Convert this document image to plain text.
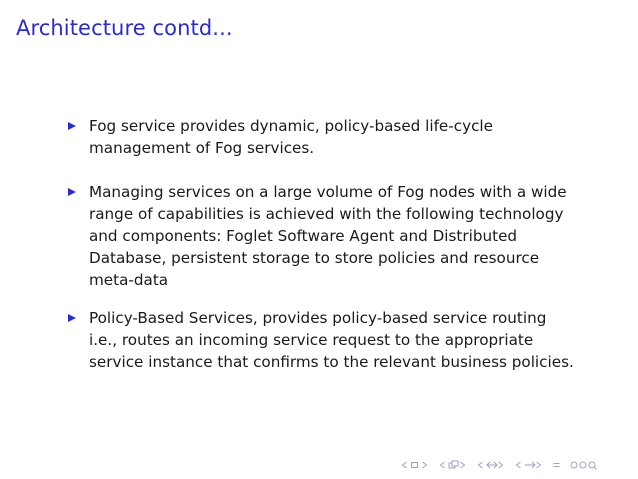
Architecture contd...
Fog service provides dynamic, policy-based life-cycle
management of Fog services.
Managing services on a large volume of Fog nodes with a wide
range of capabilities is achieved with the following technology
and components: Foglet Software Agent and Distributed
Database, persistent storage to store policies and resource
meta-data
Policy-Based Services, provides policy-based service routing
i.e., routes an incoming service request to the appropriate
service instance that confirms to the relevant business policies.
